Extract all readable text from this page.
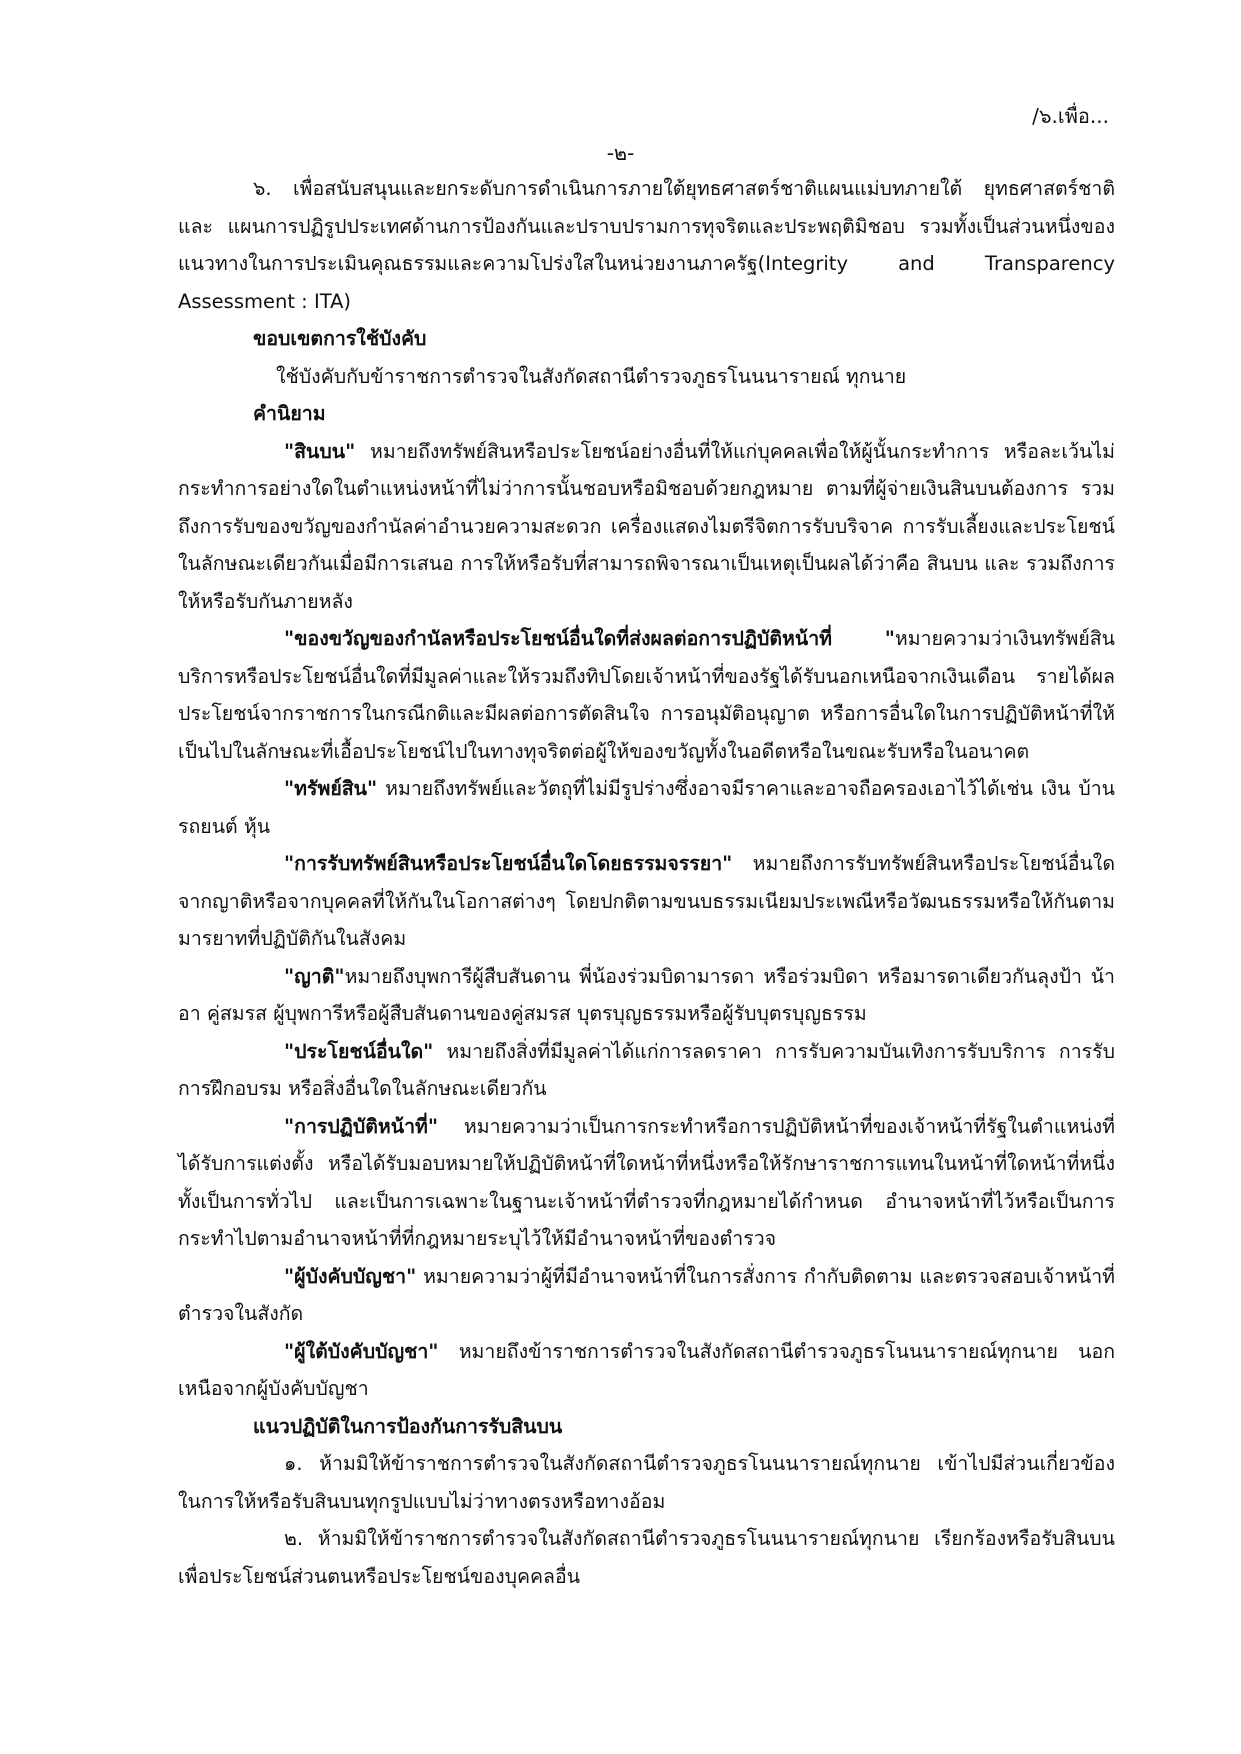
/๖.เพื่อ...
-๒-

๖. เพื่อสนับสนุนและยกระดับการดำเนินการภายใต้ยุทธศาสตร์ชาติแผนแม่บทภายใต้ ยุทธศาสตร์ชาติ และ แผนการปฏิรูปประเทศด้านการป้องกันและปราบปรามการทุจริตและประพฤติมิชอบ รวมทั้งเป็นส่วนหนึ่งของแนวทางในการประเมินคุณธรรมและความโปร่งใสในหน่วยงานภาครัฐ(Integrity and Transparency Assessment : ITA)

ขอบเขตการใช้บังคับ

ใช้บังคับกับข้าราชการตำรวจในสังกัดสถานีตำรวจภูธรโนนนารายณ์ ทุกนาย

คำนิยาม

"สินบน" หมายถึงทรัพย์สินหรือประโยชน์อย่างอื่นที่ให้แก่บุคคลเพื่อให้ผู้นั้นกระทำการ หรือละเว้นไม่กระทำการอย่างใดในตำแหน่งหน้าที่ไม่ว่าการนั้นชอบหรือมิชอบด้วยกฎหมาย ตามที่ผู้จ่ายเงินสินบนต้องการ รวมถึงการรับของขวัญของกำนัลค่าอำนวยความสะดวก เครื่องแสดงไมตรีจิตการรับบริจาค การรับเลี้ยงและประโยชน์ในลักษณะเดียวกันเมื่อมีการเสนอ การให้หรือรับที่สามารถพิจารณาเป็นเหตุเป็นผลได้ว่าคือ สินบน และ รวมถึงการให้หรือรับกันภายหลัง

"ของขวัญของกำนัลหรือประโยชน์อื่นใดที่ส่งผลต่อการปฏิบัติหน้าที่ "หมายความว่าเงินทรัพย์สิน บริการหรือประโยชน์อื่นใดที่มีมูลค่าและให้รวมถึงทิปโดยเจ้าหน้าที่ของรัฐได้รับนอกเหนือจากเงินเดือน รายได้ผลประโยชน์จากราชการในกรณีกติและมีผลต่อการตัดสินใจ การอนุมัติอนุญาต หรือการอื่นใดในการปฏิบัติหน้าที่ให้เป็นไปในลักษณะที่เอื้อประโยชน์ไปในทางทุจริตต่อผู้ให้ของขวัญทั้งในอดีตหรือในขณะรับหรือในอนาคต

"ทรัพย์สิน" หมายถึงทรัพย์และวัตถุที่ไม่มีรูปร่างซึ่งอาจมีราคาและอาจถือครองเอาไว้ได้เช่น เงิน บ้าน รถยนต์ หุ้น

"การรับทรัพย์สินหรือประโยชน์อื่นใดโดยธรรมจรรยา" หมายถึงการรับทรัพย์สินหรือประโยชน์อื่นใดจากญาติหรือจากบุคคลที่ให้กันในโอกาสต่างๆ โดยปกติตามขนบธรรมเนียมประเพณีหรือวัฒนธรรมหรือให้กันตามมารยาทที่ปฏิบัติกันในสังคม

"ญาติ"หมายถึงบุพการีผู้สืบสันดาน พี่น้องร่วมบิดามารดา หรือร่วมบิดา หรือมารดาเดียวกันลุงป้า น้าอา คู่สมรส ผู้บุพการีหรือผู้สืบสันดานของคู่สมรส บุตรบุญธรรมหรือผู้รับบุตรบุญธรรม

"ประโยชน์อื่นใด" หมายถึงสิ่งที่มีมูลค่าได้แก่การลดราคา การรับความบันเทิงการรับบริการ การรับการฝึกอบรม หรือสิ่งอื่นใดในลักษณะเดียวกัน

"การปฏิบัติหน้าที่" หมายความว่าเป็นการกระทำหรือการปฏิบัติหน้าที่ของเจ้าหน้าที่รัฐในตำแหน่งที่ได้รับการแต่งตั้ง หรือได้รับมอบหมายให้ปฏิบัติหน้าที่ใดหน้าที่หนึ่งหรือให้รักษาราชการแทนในหน้าที่ใดหน้าที่หนึ่งทั้งเป็นการทั่วไป และเป็นการเฉพาะในฐานะเจ้าหน้าที่ตำรวจที่กฎหมายได้กำหนด อำนาจหน้าที่ไว้หรือเป็นการกระทำไปตามอำนาจหน้าที่ที่กฎหมายระบุไว้ให้มีอำนาจหน้าที่ของตำรวจ

"ผู้บังคับบัญชา" หมายความว่าผู้ที่มีอำนาจหน้าที่ในการสั่งการ กำกับติดตาม และตรวจสอบเจ้าหน้าที่ตำรวจในสังกัด

"ผู้ใต้บังคับบัญชา" หมายถึงข้าราชการตำรวจในสังกัดสถานีตำรวจภูธรโนนนารายณ์ทุกนาย นอกเหนือจากผู้บังคับบัญชา

แนวปฏิบัติในการป้องกันการรับสินบน

๑. ห้ามมิให้ข้าราชการตำรวจในสังกัดสถานีตำรวจภูธรโนนนารายณ์ทุกนาย เข้าไปมีส่วนเกี่ยวข้องในการให้หรือรับสินบนทุกรูปแบบไม่ว่าทางตรงหรือทางอ้อม

๒. ห้ามมิให้ข้าราชการตำรวจในสังกัดสถานีตำรวจภูธรโนนนารายณ์ทุกนาย เรียกร้องหรือรับสินบนเพื่อประโยชน์ส่วนตนหรือประโยชน์ของบุคคลอื่น
